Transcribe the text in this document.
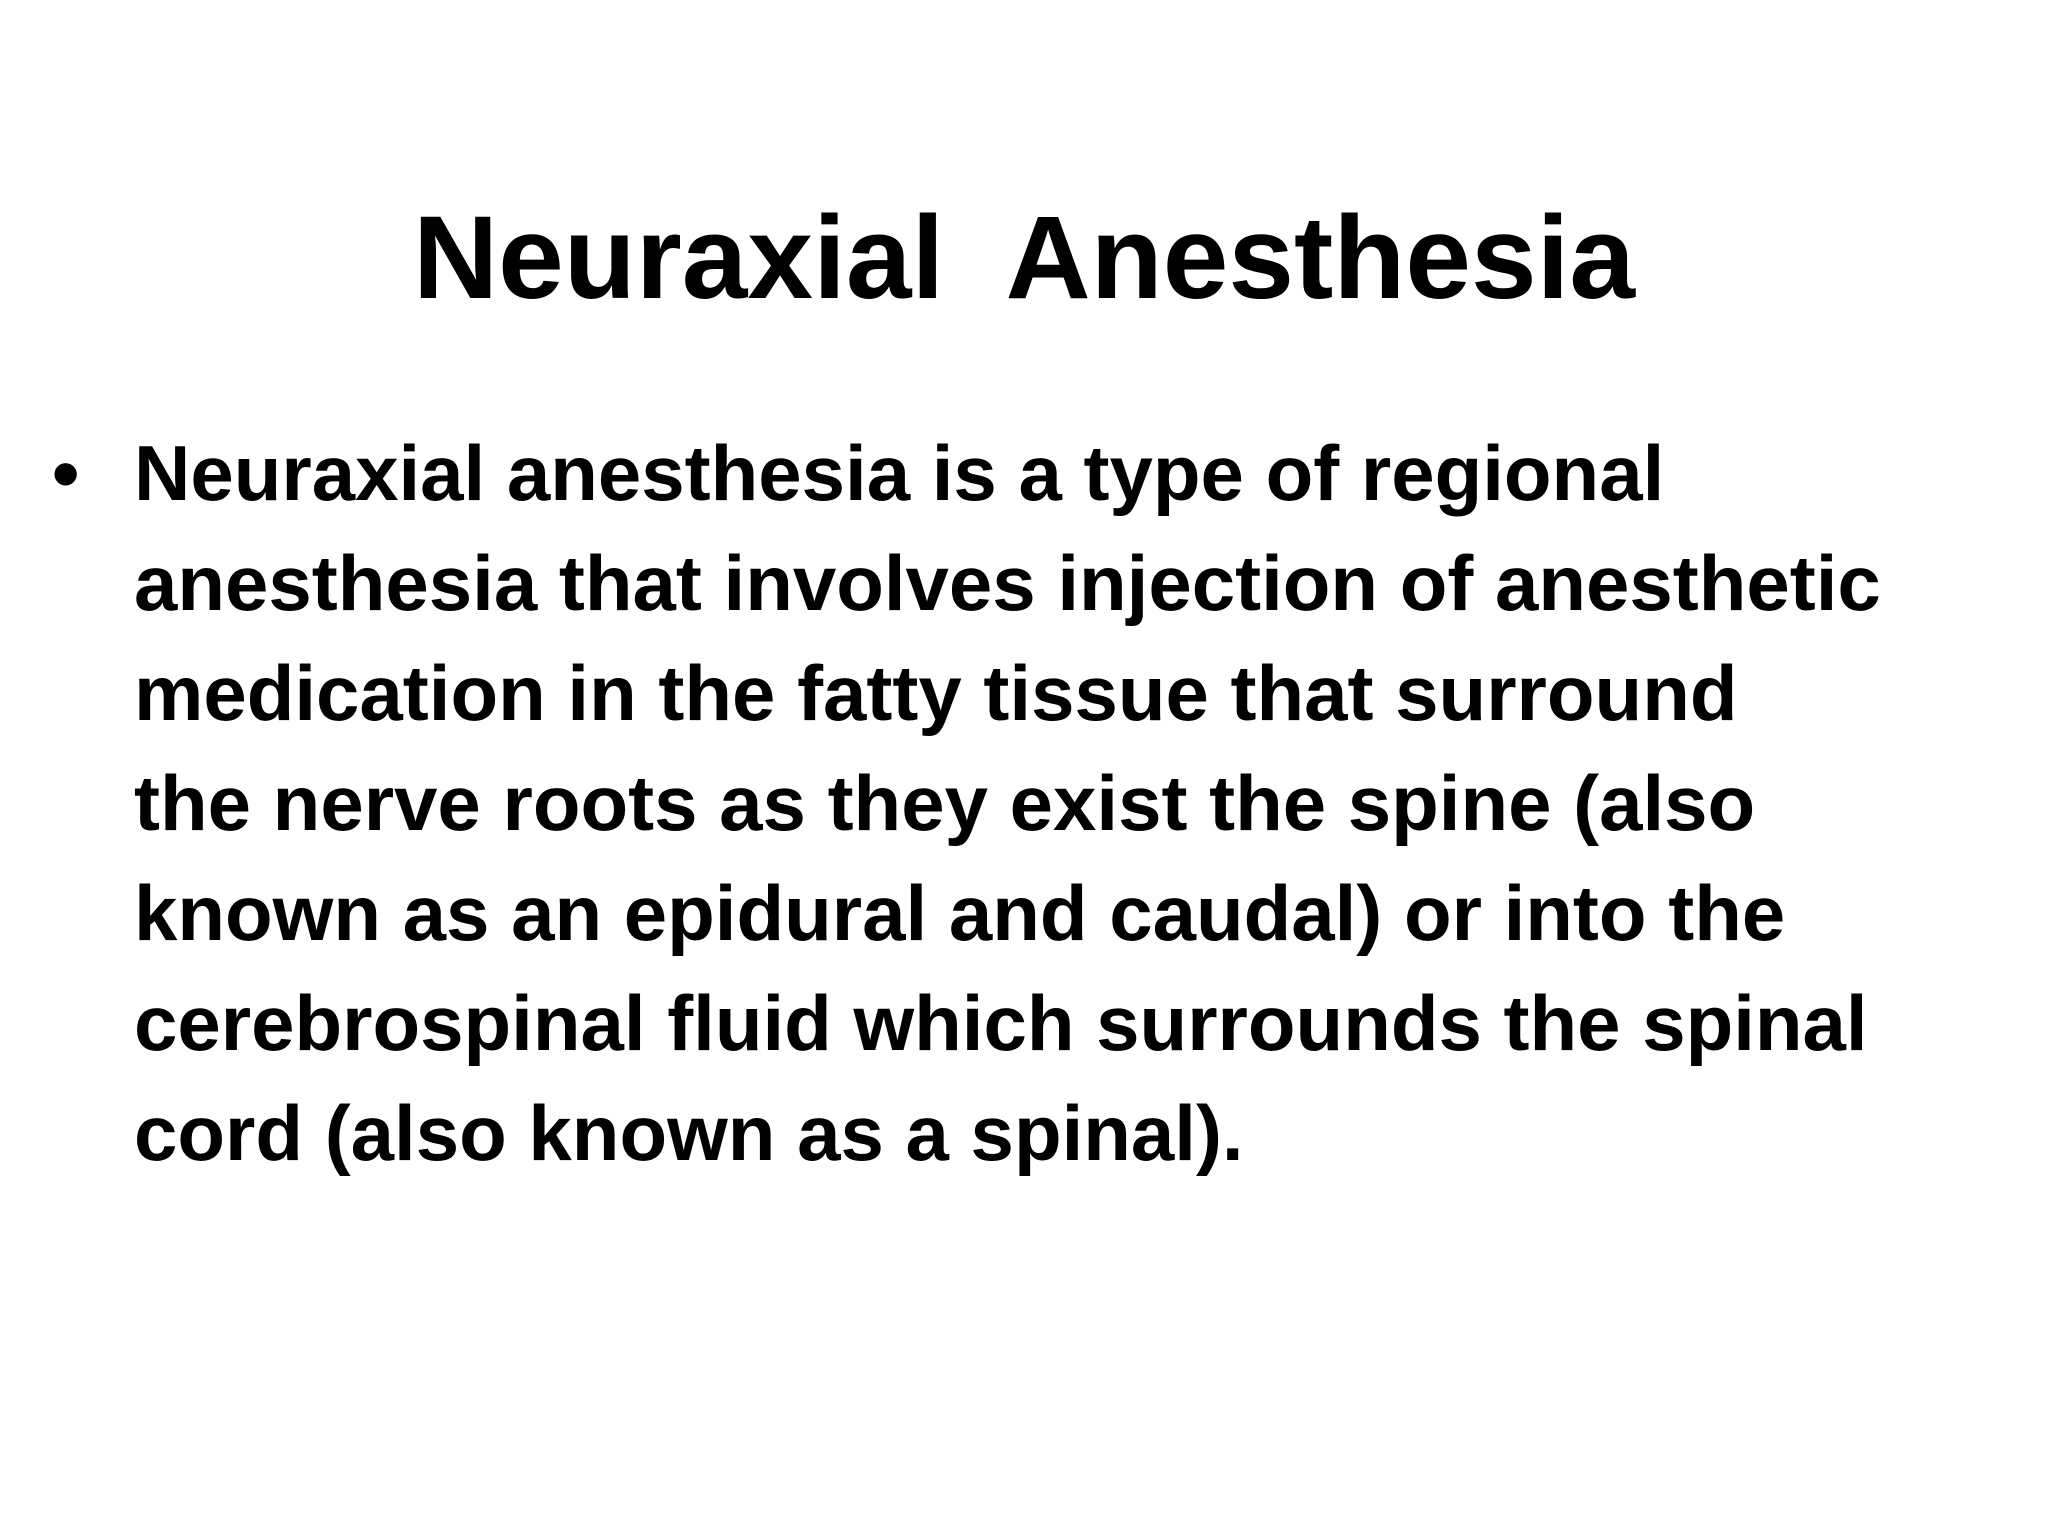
Neuraxial  Anesthesia
• Neuraxial anesthesia is a type of regional
anesthesia that involves injection of anesthetic
medication in the fatty tissue that surround
the nerve roots as they exist the spine (also
known as an epidural and caudal) or into the
cerebrospinal fluid which surrounds the spinal
cord (also known as a spinal).
